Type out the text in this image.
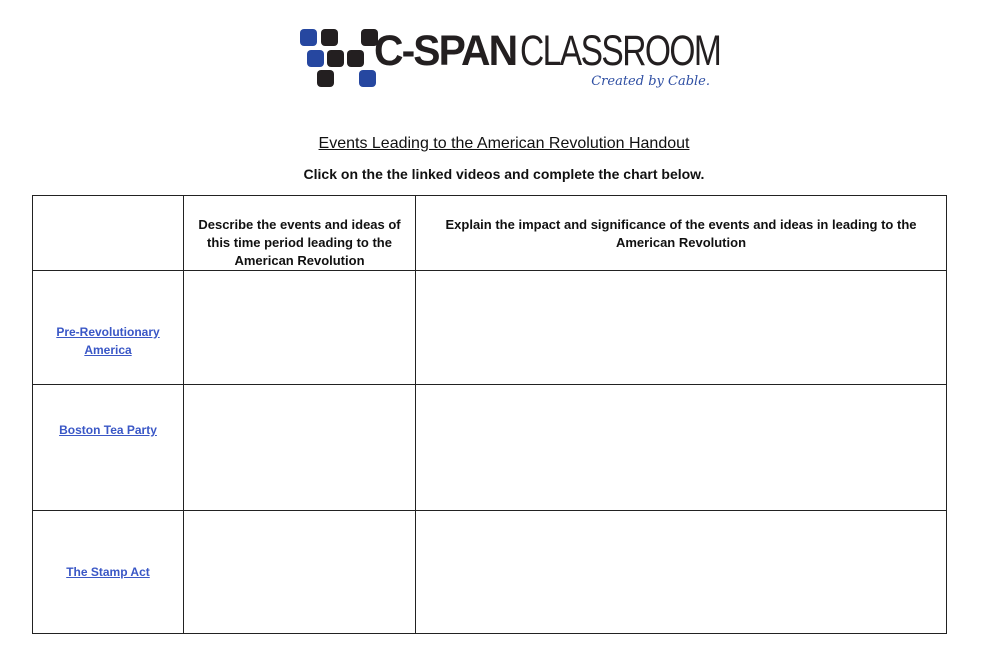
C-SPAN CLASSROOM
Created by Cable.
Events Leading to the American Revolution Handout
Click on the the linked videos and complete the chart below.
	Describe the events and ideas of this time period leading to the American Revolution	Explain the impact and significance of the events and ideas in leading to the American Revolution
Pre-Revolutionary America		
Boston Tea Party		
The Stamp Act		
